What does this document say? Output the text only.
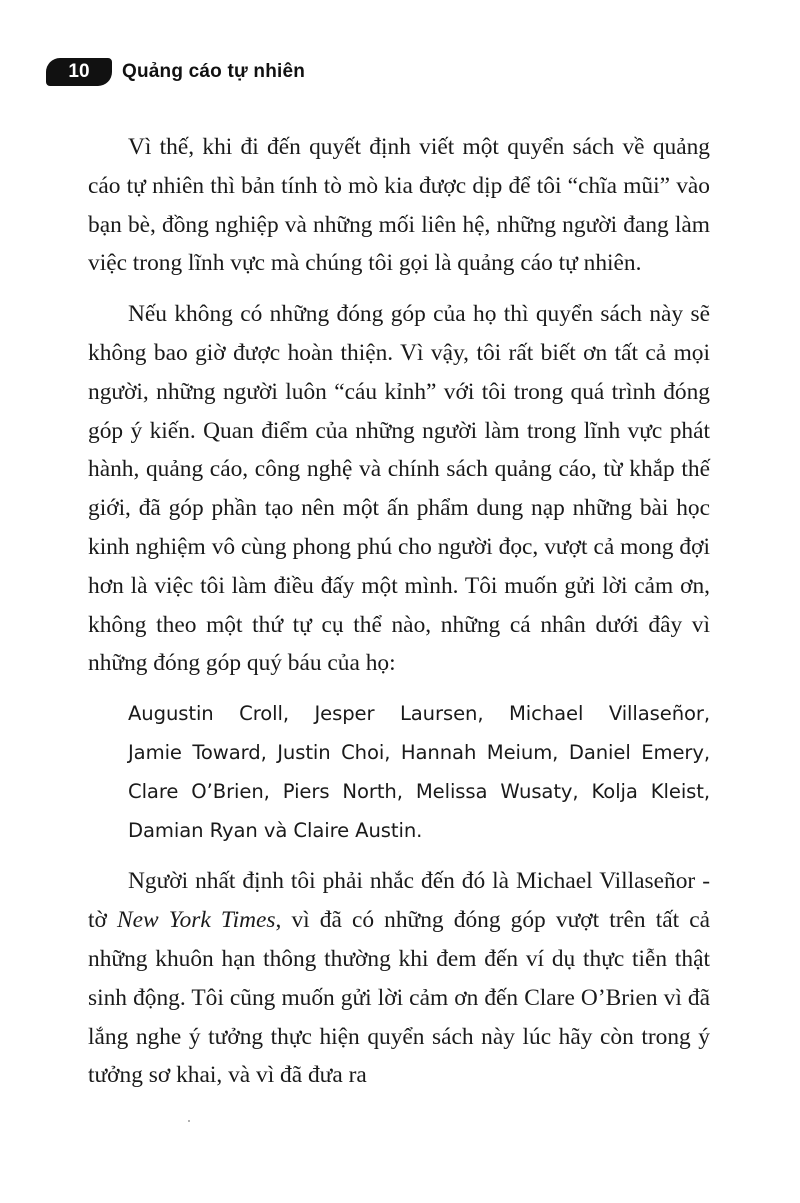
10 Quảng cáo tự nhiên

Vì thế, khi đi đến quyết định viết một quyển sách về quảng cáo tự nhiên thì bản tính tò mò kia được dịp để tôi “chĩa mũi” vào bạn bè, đồng nghiệp và những mối liên hệ, những người đang làm việc trong lĩnh vực mà chúng tôi gọi là quảng cáo tự nhiên.

Nếu không có những đóng góp của họ thì quyển sách này sẽ không bao giờ được hoàn thiện. Vì vậy, tôi rất biết ơn tất cả mọi người, những người luôn “cáu kỉnh” với tôi trong quá trình đóng góp ý kiến. Quan điểm của những người làm trong lĩnh vực phát hành, quảng cáo, công nghệ và chính sách quảng cáo, từ khắp thế giới, đã góp phần tạo nên một ấn phẩm dung nạp những bài học kinh nghiệm vô cùng phong phú cho người đọc, vượt cả mong đợi hơn là việc tôi làm điều đấy một mình. Tôi muốn gửi lời cảm ơn, không theo một thứ tự cụ thể nào, những cá nhân dưới đây vì những đóng góp quý báu của họ:

Augustin Croll, Jesper Laursen, Michael Villaseñor,
Jamie Toward, Justin Choi, Hannah Meium, Daniel Emery,
Clare O’Brien, Piers North, Melissa Wusaty, Kolja Kleist,
Damian Ryan và Claire Austin.

Người nhất định tôi phải nhắc đến đó là Michael Villaseñor - tờ New York Times, vì đã có những đóng góp vượt trên tất cả những khuôn hạn thông thường khi đem đến ví dụ thực tiễn thật sinh động. Tôi cũng muốn gửi lời cảm ơn đến Clare O’Brien vì đã lắng nghe ý tưởng thực hiện quyển sách này lúc hãy còn trong ý tưởng sơ khai, và vì đã đưa ra
